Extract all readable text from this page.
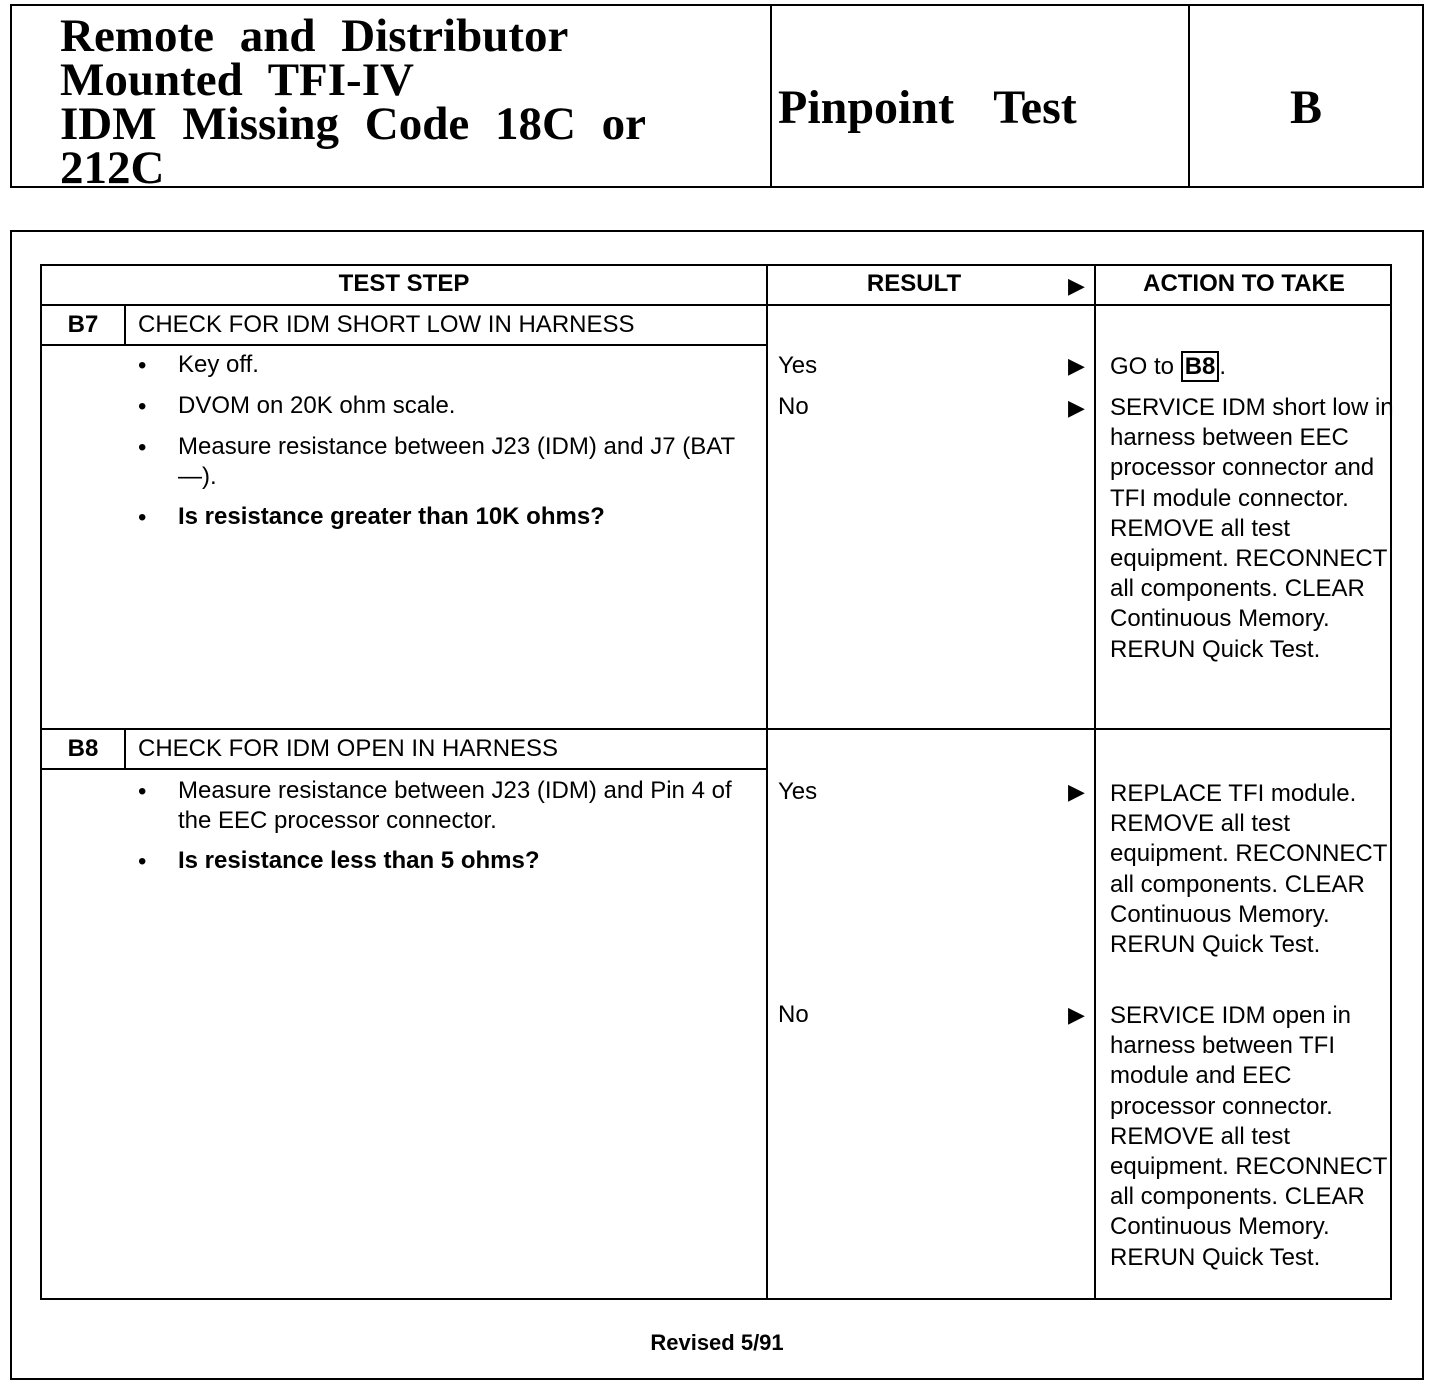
Remote and Distributor
Mounted TFI-IV
IDM Missing Code 18C or
212C
Pinpoint Test	B
TEST STEP	RESULT	▶	ACTION TO TAKE
B7	CHECK FOR IDM SHORT LOW IN HARNESS
• Key off.
• DVOM on 20K ohm scale.
• Measure resistance between J23 (IDM) and J7 (BAT—).
• Is resistance greater than 10K ohms?
Yes	▶ GO to B8 .
No	▶ SERVICE IDM short low in harness between EEC processor connector and TFI module connector. REMOVE all test equipment. RECONNECT all components. CLEAR Continuous Memory. RERUN Quick Test.
B8	CHECK FOR IDM OPEN IN HARNESS
• Measure resistance between J23 (IDM) and Pin 4 of the EEC processor connector.
• Is resistance less than 5 ohms?
Yes	▶ REPLACE TFI module. REMOVE all test equipment. RECONNECT all components. CLEAR Continuous Memory. RERUN Quick Test.
No	▶ SERVICE IDM open in harness between TFI module and EEC processor connector. REMOVE all test equipment. RECONNECT all components. CLEAR Continuous Memory. RERUN Quick Test.
Revised 5/91
